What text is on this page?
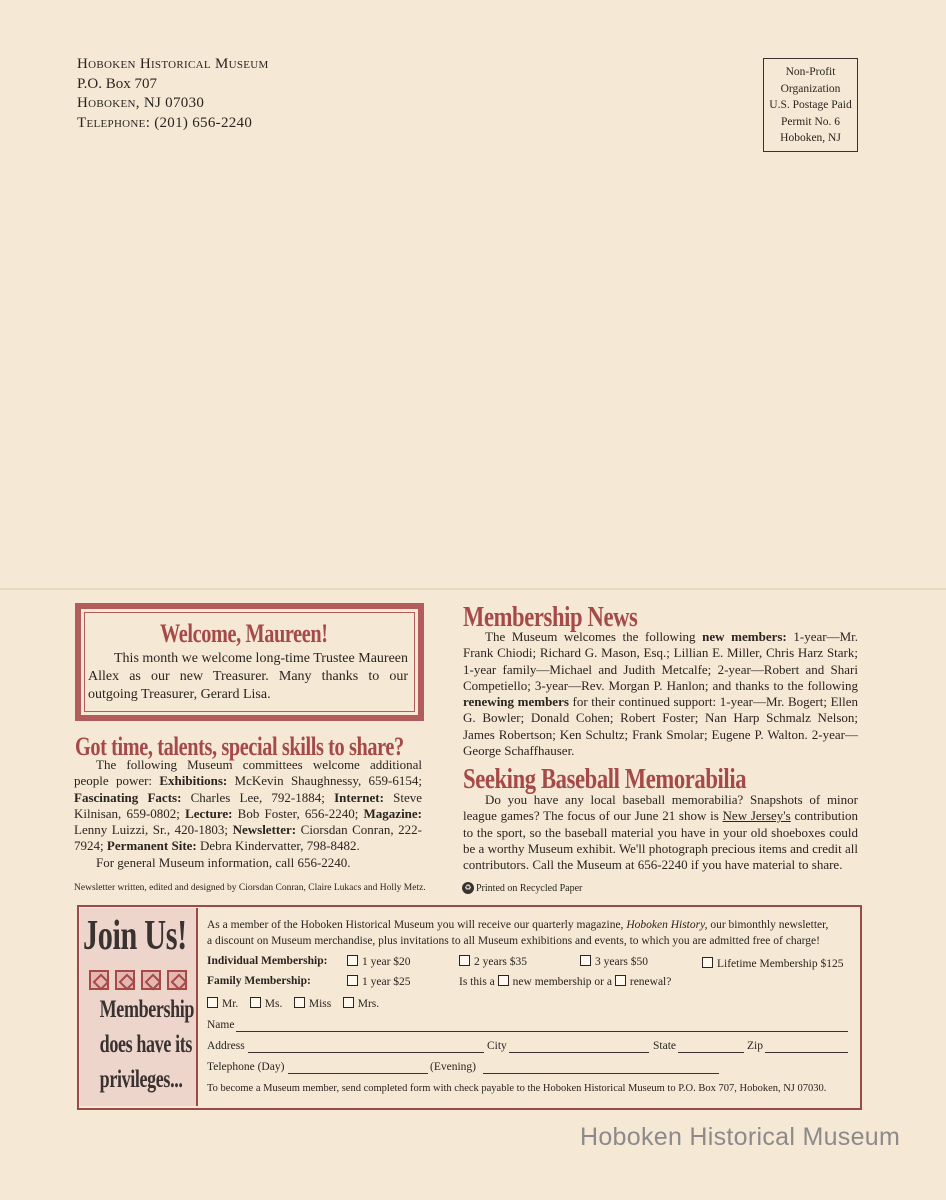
Hoboken Historical Museum
P.O. Box 707
Hoboken, NJ 07030
Telephone: (201) 656-2240
Non-Profit
Organization
U.S. Postage Paid
Permit No. 6
Hoboken, NJ
Welcome, Maureen!
This month we welcome long-time Trustee Maureen Allex as our new Treasurer. Many thanks to our outgoing Treasurer, Gerard Lisa.
Got time, talents, special skills to share?
The following Museum committees welcome additional people power: Exhibitions: McKevin Shaughnessy, 659-6154; Fascinating Facts: Charles Lee, 792-1884; Internet: Steve Kilnisan, 659-0802; Lecture: Bob Foster, 656-2240; Magazine: Lenny Luizzi, Sr., 420-1803; Newsletter: Ciorsdan Conran, 222-7924; Permanent Site: Debra Kindervatter, 798-8482.
For general Museum information, call 656-2240.
Newsletter written, edited and designed by Ciorsdan Conran, Claire Lukacs and Holly Metz.
Membership News
The Museum welcomes the following new members: 1-year—Mr. Frank Chiodi; Richard G. Mason, Esq.; Lillian E. Miller, Chris Harz Stark; 1-year family—Michael and Judith Metcalfe; 2-year—Robert and Shari Competiello; 3-year—Rev. Morgan P. Hanlon; and thanks to the following renewing members for their continued support: 1-year—Mr. Bogert; Ellen G. Bowler; Donald Cohen; Robert Foster; Nan Harp Schmalz Nelson; James Robertson; Ken Schultz; Frank Smolar; Eugene P. Walton. 2-year—George Schaffhauser.
Seeking Baseball Memorabilia
Do you have any local baseball memorabilia? Snapshots of minor league games? The focus of our June 21 show is New Jersey's contribution to the sport, so the baseball material you have in your old shoeboxes could be a worthy Museum exhibit. We'll photograph precious items and credit all contributors. Call the Museum at 656-2240 if you have material to share.
♻ Printed on Recycled Paper
Join Us!
Membership
does have its
privileges...
As a member of the Hoboken Historical Museum you will receive our quarterly magazine, Hoboken History, our bimonthly newsletter,
a discount on Museum merchandise, plus invitations to all Museum exhibitions and events, to which you are admitted free of charge!
Individual Membership:	1 year $20	2 years $35	3 years $50	Lifetime Membership $125
Family Membership:	1 year $25	Is this a new membership or a renewal?
Mr. Ms. Miss Mrs.
Name
Address	City	State	Zip
Telephone (Day)	(Evening)
To become a Museum member, send completed form with check payable to the Hoboken Historical Museum to P.O. Box 707, Hoboken, NJ 07030.
Hoboken Historical Museum
